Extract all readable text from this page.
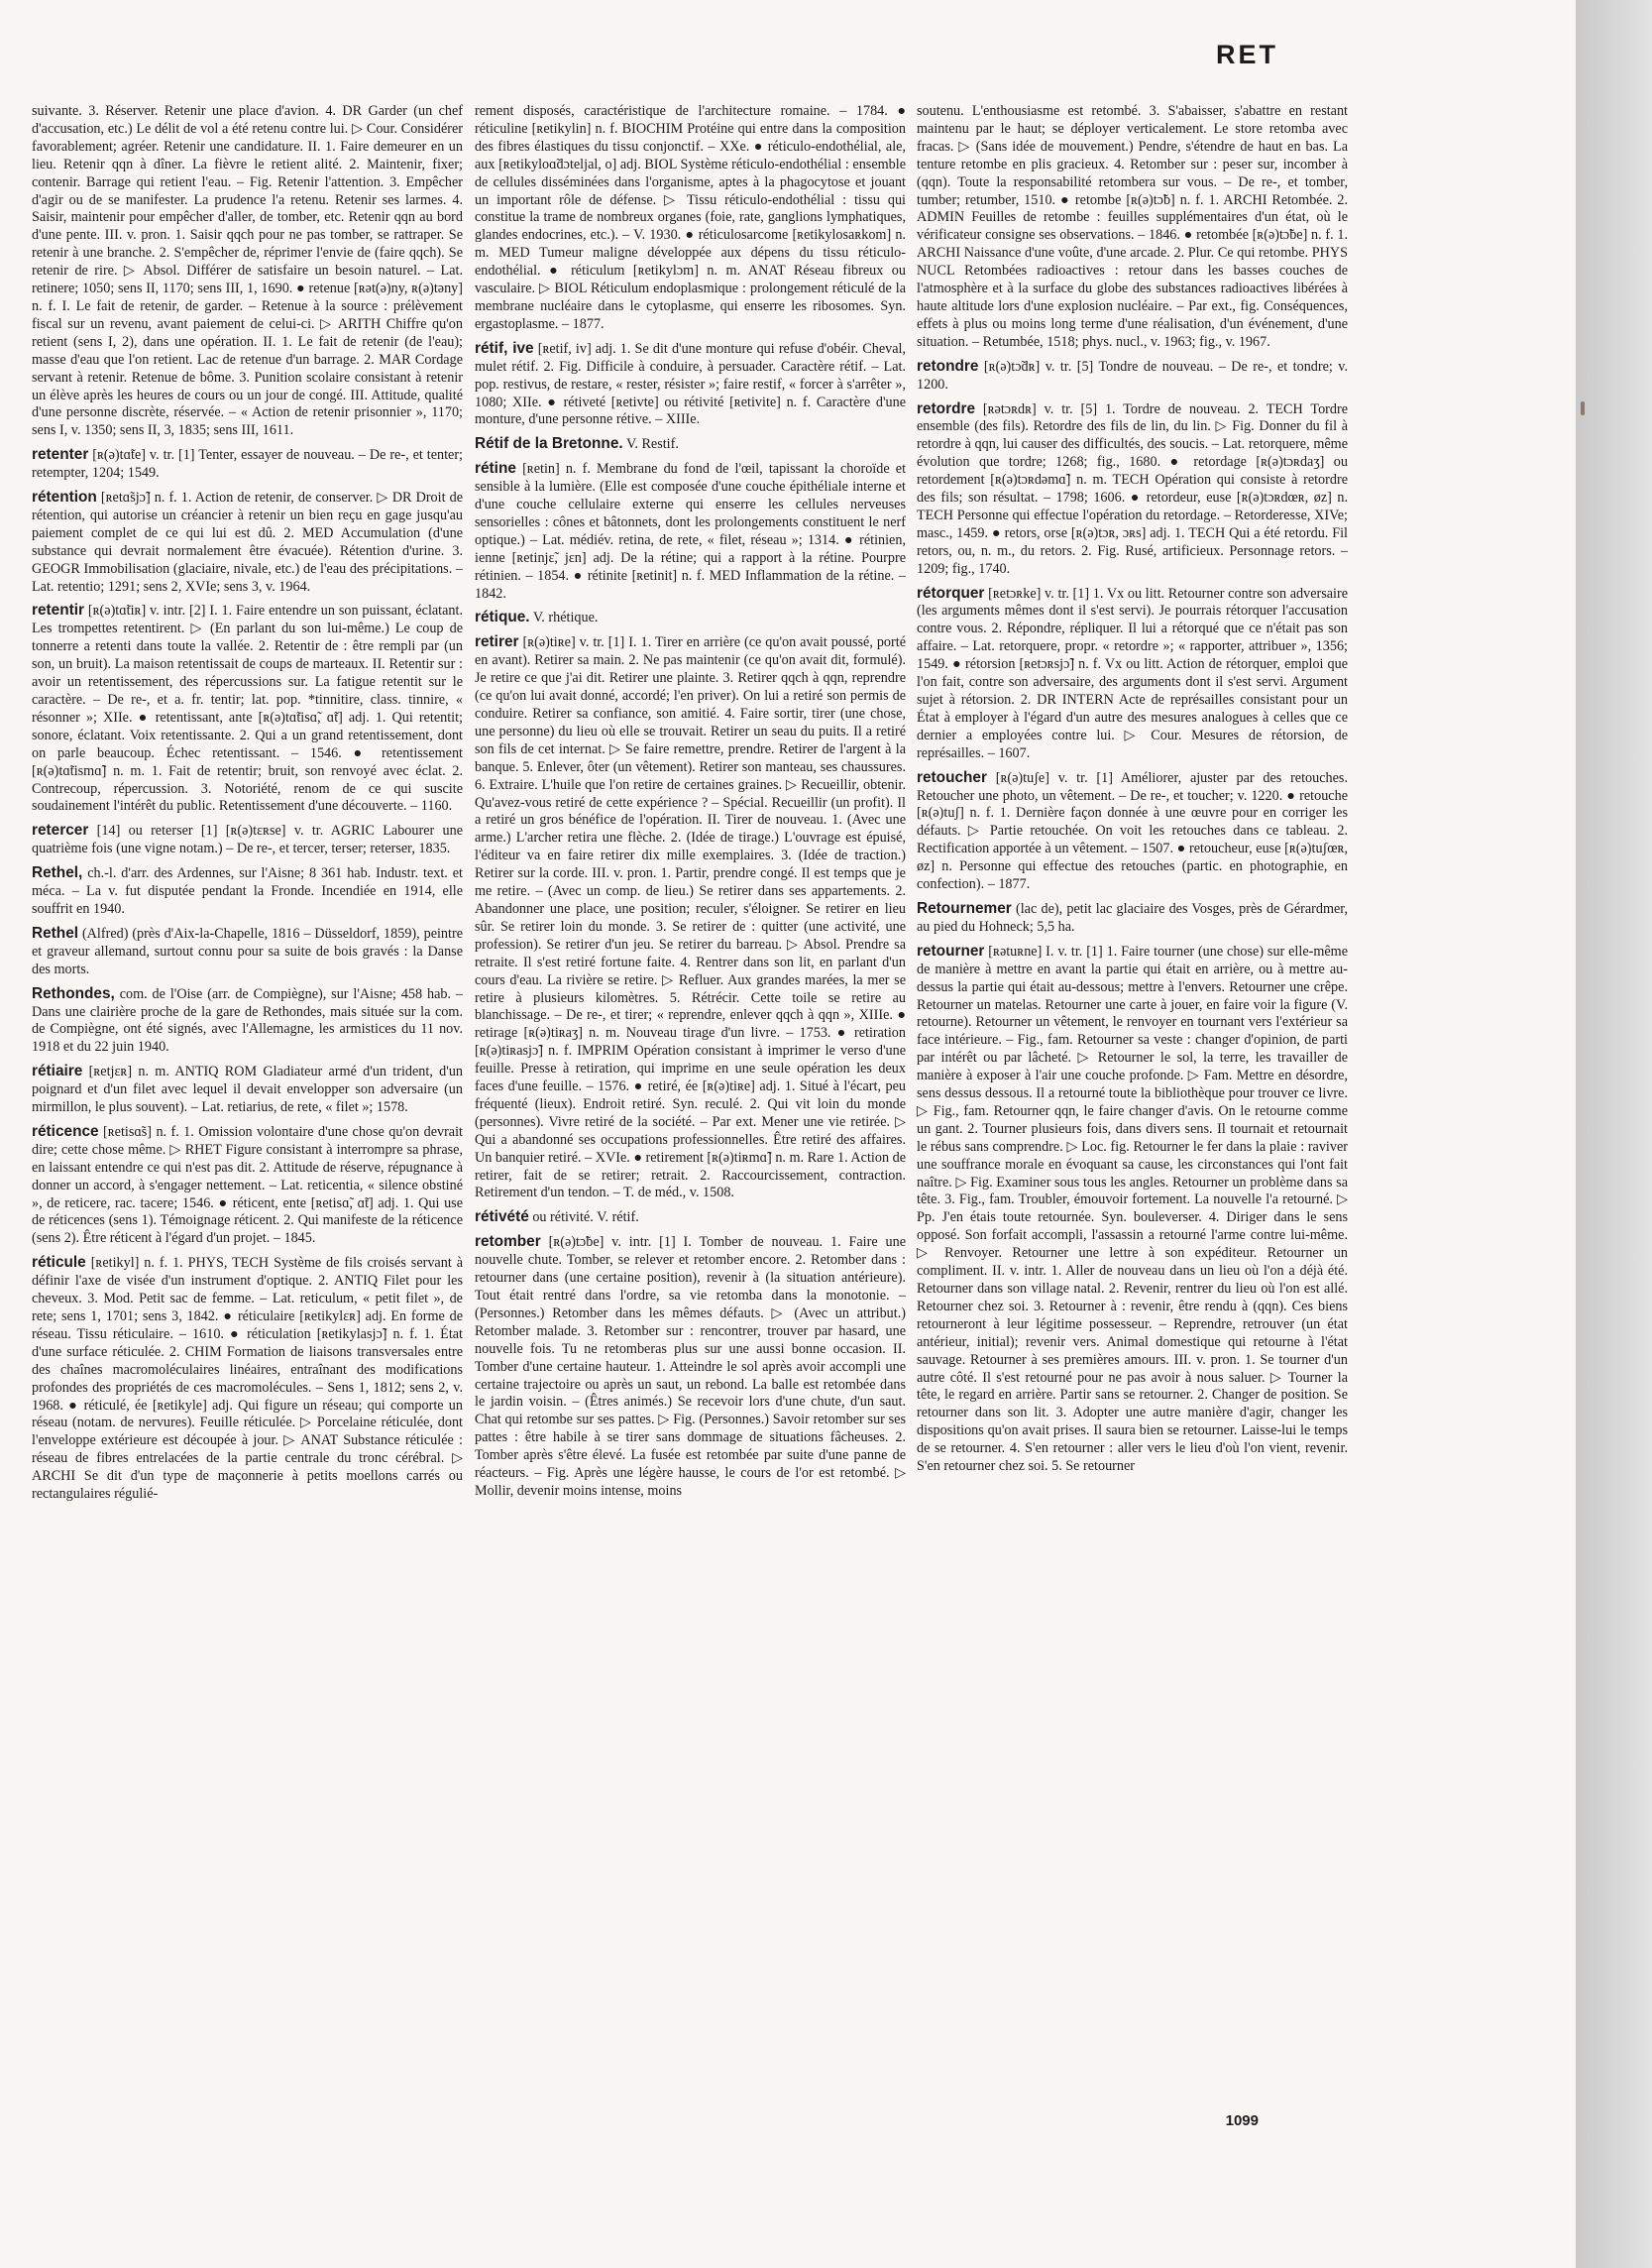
RET

suivante. 3. Réserver. Retenir une place d'avion. 4. DR Garder (un chef d'accusation, etc.) Le délit de vol a été retenu contre lui. ▷ Cour. Considérer favorablement; agréer. Retenir une candidature. II. 1. Faire demeurer en un lieu. Retenir qqn à dîner. La fièvre le retient alité. 2. Maintenir, fixer; contenir. Barrage qui retient l'eau. – Fig. Retenir l'attention. 3. Empêcher d'agir ou de se manifester. La prudence l'a retenu. Retenir ses larmes. 4. Saisir, maintenir pour empêcher d'aller, de tomber, etc. Retenir qqn au bord d'une pente. III. v. pron. 1. Saisir qqch pour ne pas tomber, se rattraper. Se retenir à une branche. 2. S'empêcher de, réprimer l'envie de (faire qqch). Se retenir de rire. ▷ Absol. Différer de satisfaire un besoin naturel. – Lat. retinere; 1050; sens II, 1170; sens III, 1, 1690. ● retenue [ʀət(ə)ny, ʀ(ə)təny] n. f. I. Le fait de retenir, de garder. – Retenue à la source : prélèvement fiscal sur un revenu, avant paiement de celui-ci. ▷ ARITH Chiffre qu'on retient (sens I, 2), dans une opération. II. 1. Le fait de retenir (de l'eau); masse d'eau que l'on retient. Lac de retenue d'un barrage. 2. MAR Cordage servant à retenir. Retenue de bôme. 3. Punition scolaire consistant à retenir un élève après les heures de cours ou un jour de congé. III. Attitude, qualité d'une personne discrète, réservée. – « Action de retenir prisonnier », 1170; sens I, v. 1350; sens II, 3, 1835; sens III, 1611.

retenter [ʀ(ə)tɑ̃te] v. tr. [1] Tenter, essayer de nouveau. – De re-, et tenter; retempter, 1204; 1549.

rétention [ʀetɑ̃sjɔ̃] n. f. 1. Action de retenir, de conserver. ▷ DR Droit de rétention, qui autorise un créancier à retenir un bien reçu en gage jusqu'au paiement complet de ce qui lui est dû. 2. MED Accumulation (d'une substance qui devrait normalement être évacuée). Rétention d'urine. 3. GEOGR Immobilisation (glaciaire, nivale, etc.) de l'eau des précipitations. – Lat. retentio; 1291; sens 2, XVIe; sens 3, v. 1964.

retentir [ʀ(ə)tɑ̃tiʀ] v. intr. [2] I. 1. Faire entendre un son puissant, éclatant. Les trompettes retentirent. ▷ (En parlant du son lui-même.) Le coup de tonnerre a retenti dans toute la vallée. 2. Retentir de : être rempli par (un son, un bruit). La maison retentissait de coups de marteaux. II. Retentir sur : avoir un retentissement, des répercussions sur. La fatigue retentit sur le caractère. – De re-, et a. fr. tentir; lat. pop. *tinnitire, class. tinnire, « résonner »; XIIe. ● retentissant, ante [ʀ(ə)tɑ̃tisɑ̃, ɑ̃t] adj. 1. Qui retentit; sonore, éclatant. Voix retentissante. 2. Qui a un grand retentissement, dont on parle beaucoup. Échec retentissant. – 1546. ● retentissement [ʀ(ə)tɑ̃tismɑ̃] n. m. 1. Fait de retentir; bruit, son renvoyé avec éclat. 2. Contrecoup, répercussion. 3. Notoriété, renom de ce qui suscite soudainement l'intérêt du public. Retentissement d'une découverte. – 1160.

retercer [14] ou reterser [1] [ʀ(ə)tɛʀse] v. tr. AGRIC Labourer une quatrième fois (une vigne notam.) – De re-, et tercer, terser; reterser, 1835.

Rethel, ch.-l. d'arr. des Ardennes, sur l'Aisne; 8 361 hab. Industr. text. et méca. – La v. fut disputée pendant la Fronde. Incendiée en 1914, elle souffrit en 1940.

Rethel (Alfred) (près d'Aix-la-Chapelle, 1816 – Düsseldorf, 1859), peintre et graveur allemand, surtout connu pour sa suite de bois gravés : la Danse des morts.

Rethondes, com. de l'Oise (arr. de Compiègne), sur l'Aisne; 458 hab. – Dans une clairière proche de la gare de Rethondes, mais située sur la com. de Compiègne, ont été signés, avec l'Allemagne, les armistices du 11 nov. 1918 et du 22 juin 1940.

rétiaire [ʀetjɛʀ] n. m. ANTIQ ROM Gladiateur armé d'un trident, d'un poignard et d'un filet avec lequel il devait envelopper son adversaire (un mirmillon, le plus souvent). – Lat. retiarius, de rete, « filet »; 1578.

réticence [ʀetisɑ̃s] n. f. 1. Omission volontaire d'une chose qu'on devrait dire; cette chose même. ▷ RHET Figure consistant à interrompre sa phrase, en laissant entendre ce qui n'est pas dit. 2. Attitude de réserve, répugnance à donner un accord, à s'engager nettement. – Lat. reticentia, « silence obstiné », de reticere, rac. tacere; 1546. ● réticent, ente [ʀetisɑ̃, ɑ̃t] adj. 1. Qui use de réticences (sens 1). Témoignage réticent. 2. Qui manifeste de la réticence (sens 2). Être réticent à l'égard d'un projet. – 1845.

réticule [ʀetikyl] n. f. 1. PHYS, TECH Système de fils croisés servant à définir l'axe de visée d'un instrument d'optique. 2. ANTIQ Filet pour les cheveux. 3. Mod. Petit sac de femme. – Lat. reticulum, « petit filet », de rete; sens 1, 1701; sens 3, 1842. ● réticulaire [ʀetikylɛʀ] adj. En forme de réseau. Tissu réticulaire. – 1610. ● réticulation [ʀetikylasjɔ̃] n. f. 1. État d'une surface réticulée. 2. CHIM Formation de liaisons transversales entre des chaînes macromoléculaires linéaires, entraînant des modifications profondes des propriétés de ces macromolécules. – Sens 1, 1812; sens 2, v. 1968. ● réticulé, ée [ʀetikyle] adj. Qui figure un réseau; qui comporte un réseau (notam. de nervures). Feuille réticulée. ▷ Porcelaine réticulée, dont l'enveloppe extérieure est découpée à jour. ▷ ANAT Substance réticulée : réseau de fibres entrelacées de la partie centrale du tronc cérébral. ▷ ARCHI Se dit d'un type de maçonnerie à petits moellons carrés ou rectangulaires régulié-

rement disposés, caractéristique de l'architecture romaine. – 1784. ● réticuline [ʀetikylin] n. f. BIOCHIM Protéine qui entre dans la composition des fibres élastiques du tissu conjonctif. – XXe. ● réticulo-endothélial, ale, aux [ʀetikyloɑ̃dɔteljal, o] adj. BIOL Système réticulo-endothélial : ensemble de cellules disséminées dans l'organisme, aptes à la phagocytose et jouant un important rôle de défense. ▷ Tissu réticulo-endothélial : tissu qui constitue la trame de nombreux organes (foie, rate, ganglions lymphatiques, glandes endocrines, etc.). – V. 1930. ● réticulosarcome [ʀetikylosaʀkom] n. m. MED Tumeur maligne développée aux dépens du tissu réticulo-endothélial. ● réticulum [ʀetikylɔm] n. m. ANAT Réseau fibreux ou vasculaire. ▷ BIOL Réticulum endoplasmique : prolongement réticulé de la membrane nucléaire dans le cytoplasme, qui enserre les ribosomes. Syn. ergastoplasme. – 1877.

rétif, ive [ʀetif, iv] adj. 1. Se dit d'une monture qui refuse d'obéir. Cheval, mulet rétif. 2. Fig. Difficile à conduire, à persuader. Caractère rétif. – Lat. pop. restivus, de restare, « rester, résister »; faire restif, « forcer à s'arrêter », 1080; XIIe. ● rétiveté [ʀetivte] ou rétivité [ʀetivite] n. f. Caractère d'une monture, d'une personne rétive. – XIIIe.

Rétif de la Bretonne. V. Restif.

rétine [ʀetin] n. f. Membrane du fond de l'œil, tapissant la choroïde et sensible à la lumière. (Elle est composée d'une couche épithéliale interne et d'une couche cellulaire externe qui enserre les cellules nerveuses sensorielles : cônes et bâtonnets, dont les prolongements constituent le nerf optique.) – Lat. médiév. retina, de rete, « filet, réseau »; 1314. ● rétinien, ienne [ʀetinjɛ̃, jɛn] adj. De la rétine; qui a rapport à la rétine. Pourpre rétinien. – 1854. ● rétinite [ʀetinit] n. f. MED Inflammation de la rétine. – 1842.

rétique. V. rhétique.

retirer [ʀ(ə)tiʀe] v. tr. [1] I. 1. Tirer en arrière (ce qu'on avait poussé, porté en avant). Retirer sa main. 2. Ne pas maintenir (ce qu'on avait dit, formulé). Je retire ce que j'ai dit. Retirer une plainte. 3. Retirer qqch à qqn, reprendre (ce qu'on lui avait donné, accordé; l'en priver). On lui a retiré son permis de conduire. Retirer sa confiance, son amitié. 4. Faire sortir, tirer (une chose, une personne) du lieu où elle se trouvait. Retirer un seau du puits. Il a retiré son fils de cet internat. ▷ Se faire remettre, prendre. Retirer de l'argent à la banque. 5. Enlever, ôter (un vêtement). Retirer son manteau, ses chaussures. 6. Extraire. L'huile que l'on retire de certaines graines. ▷ Recueillir, obtenir. Qu'avez-vous retiré de cette expérience ? – Spécial. Recueillir (un profit). Il a retiré un gros bénéfice de l'opération. II. Tirer de nouveau. 1. (Avec une arme.) L'archer retira une flèche. 2. (Idée de tirage.) L'ouvrage est épuisé, l'éditeur va en faire retirer dix mille exemplaires. 3. (Idée de traction.) Retirer sur la corde. III. v. pron. 1. Partir, prendre congé. Il est temps que je me retire. – (Avec un comp. de lieu.) Se retirer dans ses appartements. 2. Abandonner une place, une position; reculer, s'éloigner. Se retirer en lieu sûr. Se retirer loin du monde. 3. Se retirer de : quitter (une activité, une profession). Se retirer d'un jeu. Se retirer du barreau. ▷ Absol. Prendre sa retraite. Il s'est retiré fortune faite. 4. Rentrer dans son lit, en parlant d'un cours d'eau. La rivière se retire. ▷ Refluer. Aux grandes marées, la mer se retire à plusieurs kilomètres. 5. Rétrécir. Cette toile se retire au blanchissage. – De re-, et tirer; « reprendre, enlever qqch à qqn », XIIIe. ● retirage [ʀ(ə)tiʀaʒ] n. m. Nouveau tirage d'un livre. – 1753. ● retiration [ʀ(ə)tiʀasjɔ̃] n. f. IMPRIM Opération consistant à imprimer le verso d'une feuille. Presse à retiration, qui imprime en une seule opération les deux faces d'une feuille. – 1576. ● retiré, ée [ʀ(ə)tiʀe] adj. 1. Situé à l'écart, peu fréquenté (lieux). Endroit retiré. Syn. reculé. 2. Qui vit loin du monde (personnes). Vivre retiré de la société. – Par ext. Mener une vie retirée. ▷ Qui a abandonné ses occupations professionnelles. Être retiré des affaires. Un banquier retiré. – XVIe. ● retirement [ʀ(ə)tiʀmɑ̃] n. m. Rare 1. Action de retirer, fait de se retirer; retrait. 2. Raccourcissement, contraction. Retirement d'un tendon. – T. de méd., v. 1508.

rétivété ou rétivité. V. rétif.

retomber [ʀ(ə)tɔ̃be] v. intr. [1] I. Tomber de nouveau. 1. Faire une nouvelle chute. Tomber, se relever et retomber encore. 2. Retomber dans : retourner dans (une certaine position), revenir à (la situation antérieure). Tout était rentré dans l'ordre, sa vie retomba dans la monotonie. – (Personnes.) Retomber dans les mêmes défauts. ▷ (Avec un attribut.) Retomber malade. 3. Retomber sur : rencontrer, trouver par hasard, une nouvelle fois. Tu ne retomberas plus sur une aussi bonne occasion. II. Tomber d'une certaine hauteur. 1. Atteindre le sol après avoir accompli une certaine trajectoire ou après un saut, un rebond. La balle est retombée dans le jardin voisin. – (Êtres animés.) Se recevoir lors d'une chute, d'un saut. Chat qui retombe sur ses pattes. ▷ Fig. (Personnes.) Savoir retomber sur ses pattes : être habile à se tirer sans dommage de situations fâcheuses. 2. Tomber après s'être élevé. La fusée est retombée par suite d'une panne de réacteurs. – Fig. Après une légère hausse, le cours de l'or est retombé. ▷ Mollir, devenir moins intense, moins

soutenu. L'enthousiasme est retombé. 3. S'abaisser, s'abattre en restant maintenu par le haut; se déployer verticalement. Le store retomba avec fracas. ▷ (Sans idée de mouvement.) Pendre, s'étendre de haut en bas. La tenture retombe en plis gracieux. 4. Retomber sur : peser sur, incomber à (qqn). Toute la responsabilité retombera sur vous. – De re-, et tomber, tumber; retumber, 1510. ● retombe [ʀ(ə)tɔ̃b] n. f. 1. ARCHI Retombée. 2. ADMIN Feuilles de retombe : feuilles supplémentaires d'un état, où le vérificateur consigne ses observations. – 1846. ● retombée [ʀ(ə)tɔ̃be] n. f. 1. ARCHI Naissance d'une voûte, d'une arcade. 2. Plur. Ce qui retombe. PHYS NUCL Retombées radioactives : retour dans les basses couches de l'atmosphère et à la surface du globe des substances radioactives libérées à haute altitude lors d'une explosion nucléaire. – Par ext., fig. Conséquences, effets à plus ou moins long terme d'une réalisation, d'un événement, d'une situation. – Retumbée, 1518; phys. nucl., v. 1963; fig., v. 1967.

retondre [ʀ(ə)tɔ̃dʀ] v. tr. [5] Tondre de nouveau. – De re-, et tondre; v. 1200.

retordre [ʀətɔʀdʀ] v. tr. [5] 1. Tordre de nouveau. 2. TECH Tordre ensemble (des fils). Retordre des fils de lin, du lin. ▷ Fig. Donner du fil à retordre à qqn, lui causer des difficultés, des soucis. – Lat. retorquere, même évolution que tordre; 1268; fig., 1680. ● retordage [ʀ(ə)tɔʀdaʒ] ou retordement [ʀ(ə)tɔʀdəmɑ̃] n. m. TECH Opération qui consiste à retordre des fils; son résultat. – 1798; 1606. ● retordeur, euse [ʀ(ə)tɔʀdœʀ, øz] n. TECH Personne qui effectue l'opération du retordage. – Retorderesse, XIVe; masc., 1459. ● retors, orse [ʀ(ə)tɔʀ, ɔʀs] adj. 1. TECH Qui a été retordu. Fil retors, ou, n. m., du retors. 2. Fig. Rusé, artificieux. Personnage retors. – 1209; fig., 1740.

rétorquer [ʀetɔʀke] v. tr. [1] 1. Vx ou litt. Retourner contre son adversaire (les arguments mêmes dont il s'est servi). Je pourrais rétorquer l'accusation contre vous. 2. Répondre, répliquer. Il lui a rétorqué que ce n'était pas son affaire. – Lat. retorquere, propr. « retordre »; « rapporter, attribuer », 1356; 1549. ● rétorsion [ʀetɔʀsjɔ̃] n. f. Vx ou litt. Action de rétorquer, emploi que l'on fait, contre son adversaire, des arguments dont il s'est servi. Argument sujet à rétorsion. 2. DR INTERN Acte de représailles consistant pour un État à employer à l'égard d'un autre des mesures analogues à celles que ce dernier a employées contre lui. ▷ Cour. Mesures de rétorsion, de représailles. – 1607.

retoucher [ʀ(ə)tuʃe] v. tr. [1] Améliorer, ajuster par des retouches. Retoucher une photo, un vêtement. – De re-, et toucher; v. 1220. ● retouche [ʀ(ə)tuʃ] n. f. 1. Dernière façon donnée à une œuvre pour en corriger les défauts. ▷ Partie retouchée. On voit les retouches dans ce tableau. 2. Rectification apportée à un vêtement. – 1507. ● retoucheur, euse [ʀ(ə)tuʃœʀ, øz] n. Personne qui effectue des retouches (partic. en photographie, en confection). – 1877.

Retournemer (lac de), petit lac glaciaire des Vosges, près de Gérardmer, au pied du Hohneck; 5,5 ha.

retourner [ʀətuʀne] I. v. tr. [1] 1. Faire tourner (une chose) sur elle-même de manière à mettre en avant la partie qui était en arrière, ou à mettre au-dessus la partie qui était au-dessous; mettre à l'envers. Retourner une crêpe. Retourner un matelas. Retourner une carte à jouer, en faire voir la figure (V. retourne). Retourner un vêtement, le renvoyer en tournant vers l'extérieur sa face intérieure. – Fig., fam. Retourner sa veste : changer d'opinion, de parti par intérêt ou par lâcheté. ▷ Retourner le sol, la terre, les travailler de manière à exposer à l'air une couche profonde. ▷ Fam. Mettre en désordre, sens dessus dessous. Il a retourné toute la bibliothèque pour trouver ce livre. ▷ Fig., fam. Retourner qqn, le faire changer d'avis. On le retourne comme un gant. 2. Tourner plusieurs fois, dans divers sens. Il tournait et retournait le rébus sans comprendre. ▷ Loc. fig. Retourner le fer dans la plaie : raviver une souffrance morale en évoquant sa cause, les circonstances qui l'ont fait naître. ▷ Fig. Examiner sous tous les angles. Retourner un problème dans sa tête. 3. Fig., fam. Troubler, émouvoir fortement. La nouvelle l'a retourné. ▷ Pp. J'en étais toute retournée. Syn. bouleverser. 4. Diriger dans le sens opposé. Son forfait accompli, l'assassin a retourné l'arme contre lui-même. ▷ Renvoyer. Retourner une lettre à son expéditeur. Retourner un compliment. II. v. intr. 1. Aller de nouveau dans un lieu où l'on a déjà été. Retourner dans son village natal. 2. Revenir, rentrer du lieu où l'on est allé. Retourner chez soi. 3. Retourner à : revenir, être rendu à (qqn). Ces biens retourneront à leur légitime possesseur. – Reprendre, retrouver (un état antérieur, initial); revenir vers. Animal domestique qui retourne à l'état sauvage. Retourner à ses premières amours. III. v. pron. 1. Se tourner d'un autre côté. Il s'est retourné pour ne pas avoir à nous saluer. ▷ Tourner la tête, le regard en arrière. Partir sans se retourner. 2. Changer de position. Se retourner dans son lit. 3. Adopter une autre manière d'agir, changer les dispositions qu'on avait prises. Il saura bien se retourner. Laisse-lui le temps de se retourner. 4. S'en retourner : aller vers le lieu d'où l'on vient, revenir. S'en retourner chez soi. 5. Se retourner

1099
